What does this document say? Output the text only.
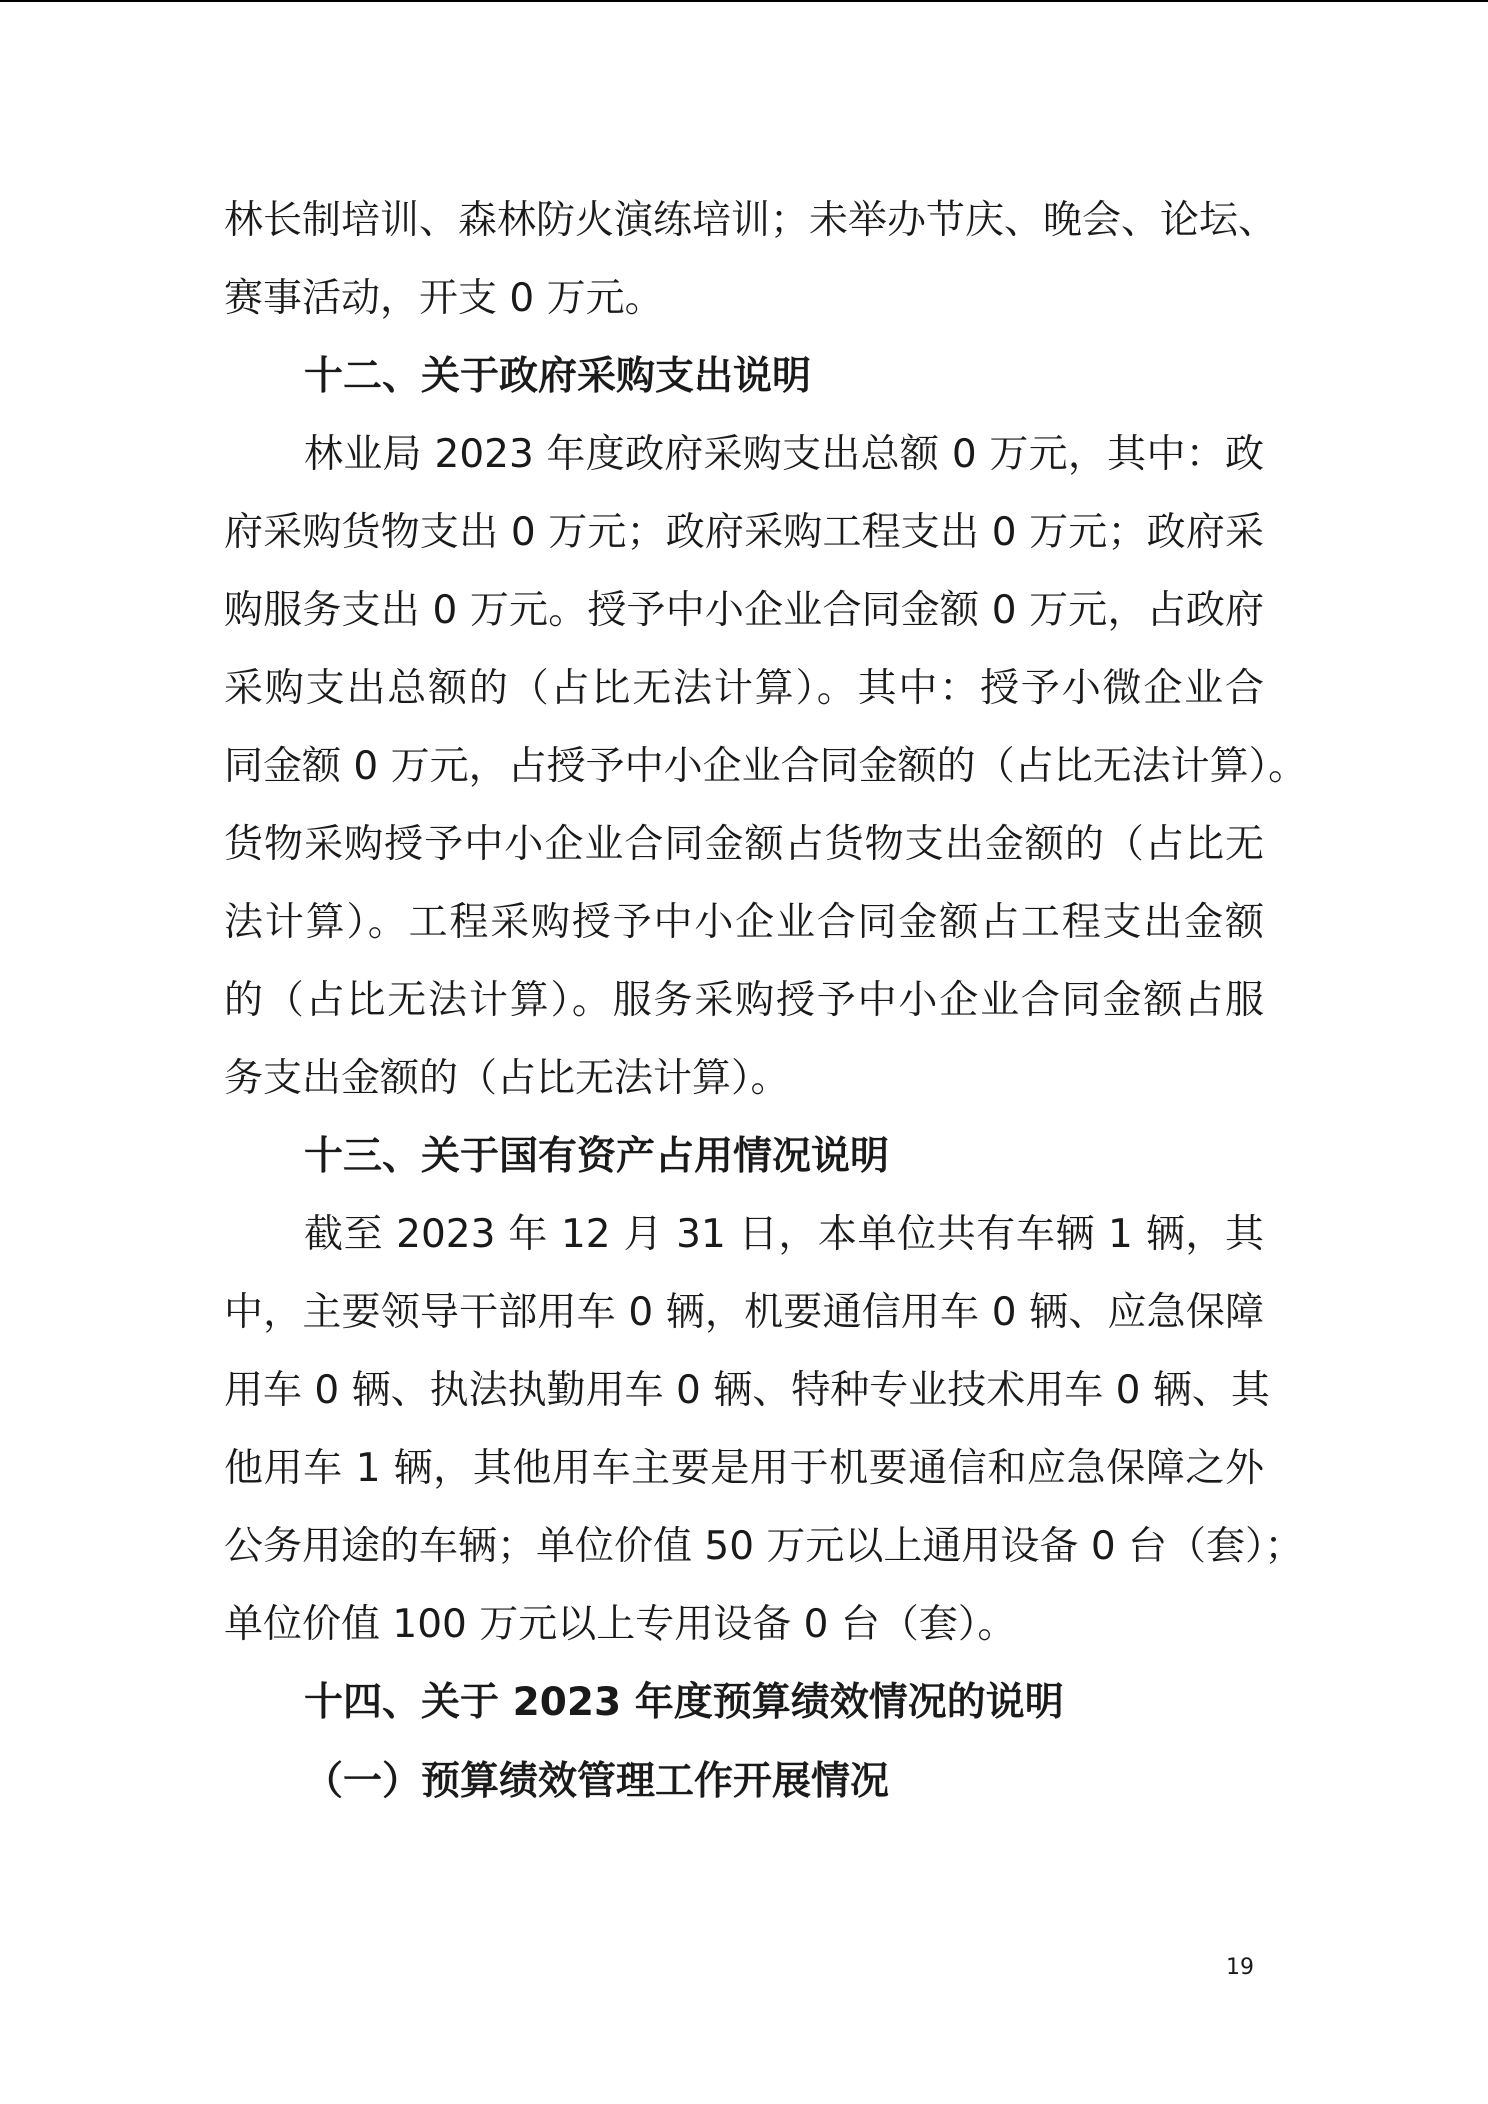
林长制培训、森林防火演练培训；未举办节庆、晚会、论坛、
赛事活动，开支 0 万元。
十二、关于政府采购支出说明
林业局 2023 年度政府采购支出总额 0 万元，其中：政
府采购货物支出 0 万元；政府采购工程支出 0 万元；政府采
购服务支出 0 万元。授予中小企业合同金额 0 万元，占政府
采购支出总额的（占比无法计算）。其中：授予小微企业合
同金额 0 万元，占授予中小企业合同金额的（占比无法计算）。
货物采购授予中小企业合同金额占货物支出金额的（占比无
法计算）。工程采购授予中小企业合同金额占工程支出金额
的（占比无法计算）。服务采购授予中小企业合同金额占服
务支出金额的（占比无法计算）。
十三、关于国有资产占用情况说明
截至 2023 年 12 月 31 日，本单位共有车辆 1 辆，其
中，主要领导干部用车 0 辆，机要通信用车 0 辆、应急保障
用车 0 辆、执法执勤用车 0 辆、特种专业技术用车 0 辆、其
他用车 1 辆，其他用车主要是用于机要通信和应急保障之外
公务用途的车辆；单位价值 50 万元以上通用设备 0 台（套）；
单位价值 100 万元以上专用设备 0 台（套）。
十四、关于 2023 年度预算绩效情况的说明
（一）预算绩效管理工作开展情况
19
